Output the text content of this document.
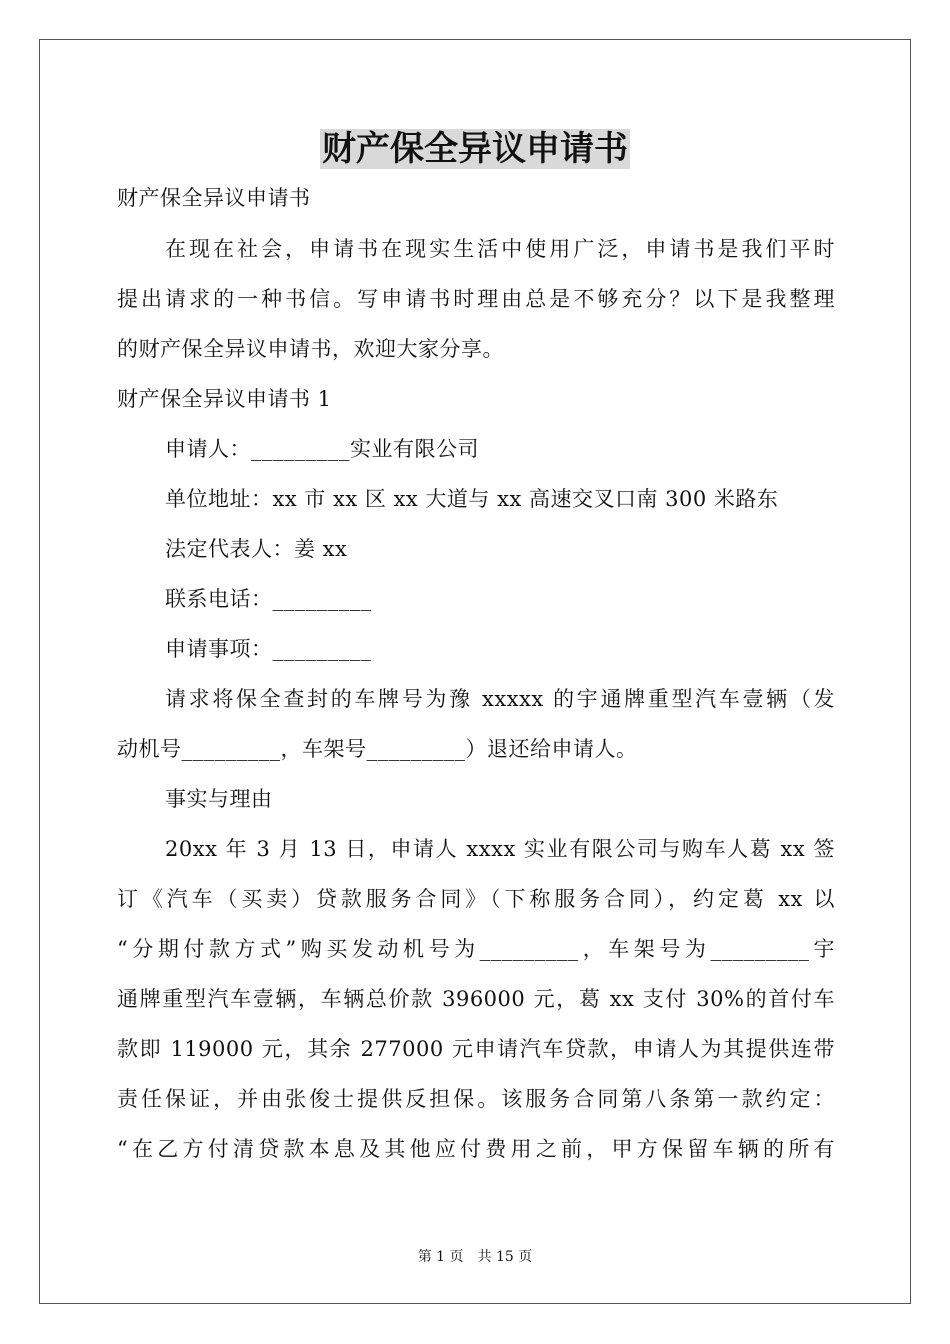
财产保全异议申请书
财产保全异议申请书
在现在社会，申请书在现实生活中使用广泛，申请书是我们平时
提出请求的一种书信。写申请书时理由总是不够充分？以下是我整理
的财产保全异议申请书，欢迎大家分享。
财产保全异议申请书 1
申请人：_________实业有限公司
单位地址：xx 市 xx 区 xx 大道与 xx 高速交叉口南 300 米路东
法定代表人：姜 xx
联系电话：_________
申请事项：_________
请求将保全查封的车牌号为豫 xxxxx 的宇通牌重型汽车壹辆（发
动机号_________，车架号_________）退还给申请人。
事实与理由
20xx 年 3 月 13 日，申请人 xxxx 实业有限公司与购车人葛 xx 签
订《汽车（买卖）贷款服务合同》（下称服务合同），约定葛 xx 以
“分期付款方式”购买发动机号为_________，车架号为_________宇
通牌重型汽车壹辆，车辆总价款 396000 元，葛 xx 支付 30%的首付车
款即 119000 元，其余 277000 元申请汽车贷款，申请人为其提供连带
责任保证，并由张俊士提供反担保。该服务合同第八条第一款约定：
“在乙方付清贷款本息及其他应付费用之前，甲方保留车辆的所有
第 1 页　共 15 页
